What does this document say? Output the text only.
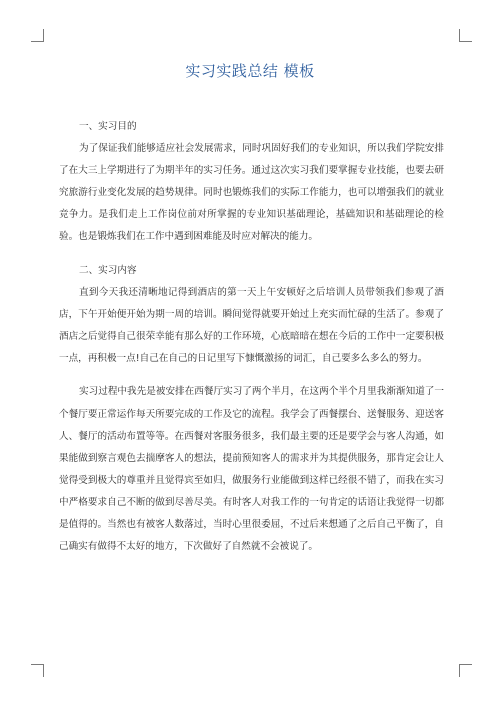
实习实践总结 模板

一、实习目的

为了保证我们能够适应社会发展需求，同时巩固好我们的专业知识，所以我们学院安排了在大三上学期进行了为期半年的实习任务。通过这次实习我们要掌握专业技能，也要去研究旅游行业变化发展的趋势规律。同时也锻炼我们的实际工作能力，也可以增强我们的就业竞争力。是我们走上工作岗位前对所掌握的专业知识基础理论，基础知识和基础理论的检验。也是锻炼我们在工作中遇到困难能及时应对解决的能力。

二、实习内容

直到今天我还清晰地记得到酒店的第一天上午安顿好之后培训人员带领我们参观了酒店，下午开始便开始为期一周的培训。瞬间觉得就要开始过上充实而忙碌的生活了。参观了酒店之后觉得自己很荣幸能有那么好的工作环境，心底暗暗在想在今后的工作中一定要积极一点，再积极一点!自己在自己的日记里写下慷慨激扬的词汇，自己要多么多么的努力。

实习过程中我先是被安排在西餐厅实习了两个半月，在这两个半个月里我渐渐知道了一个餐厅要正常运作每天所要完成的工作及它的流程。我学会了西餐摆台、送餐服务、迎送客人、餐厅的活动布置等等。在西餐对客服务很多，我们最主要的还是要学会与客人沟通，如果能做到察言观色去揣摩客人的想法，提前预知客人的需求并为其提供服务，那肯定会让人觉得受到极大的尊重并且觉得宾至如归，做服务行业能做到这样已经很不错了，而我在实习中严格要求自己不断的做到尽善尽美。有时客人对我工作的一句肯定的话语让我觉得一切都是值得的。当然也有被客人数落过，当时心里很委屈，不过后来想通了之后自己平衡了，自己确实有做得不太好的地方，下次做好了自然就不会被说了。
